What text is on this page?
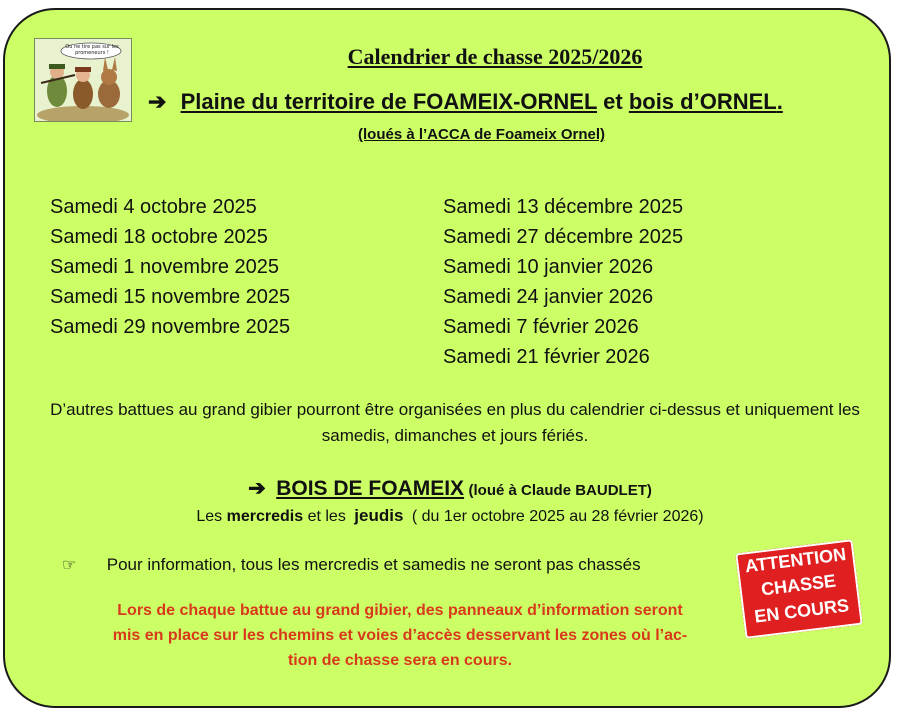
Ou ne tire pas sur les promeneurs !	Calendrier de chasse 2025/2026
➔ Plaine du territoire de FOAMEIX-ORNEL et bois d’ORNEL.
(loués à l’ACCA de Foameix Ornel)
Samedi 4 octobre 2025
Samedi 18 octobre 2025
Samedi 1 novembre 2025
Samedi 15 novembre 2025
Samedi 29 novembre 2025
Samedi 13 décembre 2025
Samedi 27 décembre 2025
Samedi 10 janvier 2026
Samedi 24 janvier 2026
Samedi 7 février 2026
Samedi 21 février 2026
D’autres battues au grand gibier pourront être organisées en plus du calendrier ci-dessus et uniquement les samedis, dimanches et jours fériés.
➔ BOIS DE FOAMEIX (loué à Claude BAUDLET)
Les mercredis et les jeudis ( du 1er octobre 2025 au 28 février 2026)
☞ Pour information, tous les mercredis et samedis ne seront pas chassés
Lors de chaque battue au grand gibier, des panneaux d’information seront
mis en place sur les chemins et voies d’accès desservant les zones où l’ac-
tion de chasse sera en cours.
ATTENTION
CHASSE
EN COURS
